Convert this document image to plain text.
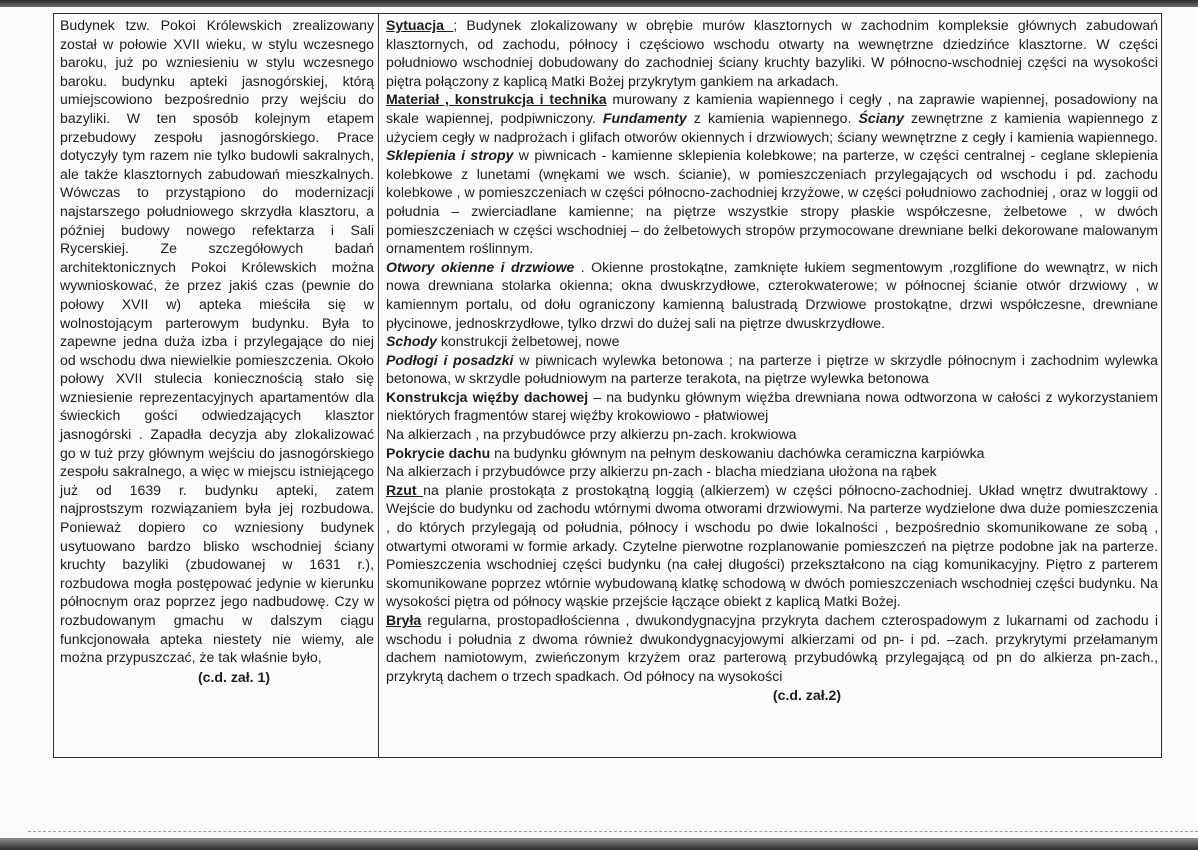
Budynek tzw. Pokoi Królewskich zrealizowany został w połowie XVII wieku, w stylu wczesnego baroku, już po wzniesieniu w stylu wczesnego baroku. budynku apteki jasnogórskiej, którą umiejscowiono bezpośrednio przy wejściu do bazyliki. W ten sposób kolejnym etapem przebudowy zespołu jasnogórskiego. Prace dotyczyły tym razem nie tylko budowli sakralnych, ale także klasztornych zabudowań mieszkalnych. Wówczas to przystąpiono do modernizacji najstarszego południowego skrzydła klasztoru, a później budowy nowego refektarza i Sali Rycerskiej. Ze szczegółowych badań architektonicznych Pokoi Królewskich można wywnioskować, że przez jakiś czas (pewnie do połowy XVII w) apteka mieściła się w wolnostojącym parterowym budynku. Była to zapewne jedna duża izba i przylegające do niej od wschodu dwa niewielkie pomieszczenia. Około połowy XVII stulecia koniecznością stało się wzniesienie reprezentacyjnych apartamentów dla świeckich gości odwiedzających klasztor jasnogórski . Zapadła decyzja aby zlokalizować go w tuż przy głównym wejściu do jasnogórskiego zespołu sakralnego, a więc w miejscu istniejącego już od 1639 r. budynku apteki, zatem najprostszym rozwiązaniem była jej rozbudowa. Ponieważ dopiero co wzniesiony budynek usytuowano bardzo blisko wschodniej ściany kruchty bazyliki (zbudowanej w 1631 r.), rozbudowa mogła postępować jedynie w kierunku północnym oraz poprzez jego nadbudowę. Czy w rozbudowanym gmachu w dalszym ciągu funkcjonowała apteka niestety nie wiemy, ale można przypuszczać, że tak właśnie było,

(c.d. zał. 1)

Sytuacja ; Budynek zlokalizowany w obrębie murów klasztornych w zachodnim kompleksie głównych zabudowań klasztornych, od zachodu, północy i częściowo wschodu otwarty na wewnętrzne dziedzińce klasztorne. W części południowo wschodniej dobudowany do zachodniej ściany kruchty bazyliki. W północno-wschodniej części na wysokości piętra połączony z kaplicą Matki Bożej przykrytym gankiem na arkadach.

Materiał , konstrukcja i technika murowany z kamienia wapiennego i cegły , na zaprawie wapiennej, posadowiony na skale wapiennej, podpiwniczony. Fundamenty z kamienia wapiennego. Ściany zewnętrzne z kamienia wapiennego z użyciem cegły w nadprożach i glifach otworów okiennych i drzwiowych; ściany wewnętrzne z cegły i kamienia wapiennego. Sklepienia i stropy w piwnicach - kamienne sklepienia kolebkowe; na parterze, w części centralnej - ceglane sklepienia kolebkowe z lunetami (wnękami we wsch. ścianie), w pomieszczeniach przylegających od wschodu i pd. zachodu kolebkowe , w pomieszczeniach w części północno-zachodniej krzyżowe, w części południowo zachodniej , oraz w loggii od południa – zwierciadlane kamienne; na piętrze wszystkie stropy płaskie współczesne, żelbetowe , w dwóch pomieszczeniach w części wschodniej – do żelbetowych stropów przymocowane drewniane belki dekorowane malowanym ornamentem roślinnym.

Otwory okienne i drzwiowe . Okienne prostokątne, zamknięte łukiem segmentowym ,rozglifione do wewnątrz, w nich nowa drewniana stolarka okienna; okna dwuskrzydłowe, czterokwaterowe; w północnej ścianie otwór drzwiowy , w kamiennym portalu, od dołu ograniczony kamienną balustradą Drzwiowe prostokątne, drzwi współczesne, drewniane płycinowe, jednoskrzydłowe, tylko drzwi do dużej sali na piętrze dwuskrzydłowe.

Schody konstrukcji żelbetowej, nowe

Podłogi i posadzki w piwnicach wylewka betonowa ; na parterze i piętrze w skrzydle północnym i zachodnim wylewka betonowa, w skrzydle południowym na parterze terakota, na piętrze wylewka betonowa

Konstrukcja więźby dachowej – na budynku głównym więźba drewniana nowa odtworzona w całości z wykorzystaniem niektórych fragmentów starej więźby krokowiowo - płatwiowej

Na alkierzach , na przybudówce przy alkierzu pn-zach. krokwiowa

Pokrycie dachu na budynku głównym na pełnym deskowaniu dachówka ceramiczna karpiówka

Na alkierzach i przybudówce przy alkierzu pn-zach - blacha miedziana ułożona na rąbek

Rzut na planie prostokąta z prostokątną loggią (alkierzem) w części północno-zachodniej. Układ wnętrz dwutraktowy . Wejście do budynku od zachodu wtórnymi dwoma otworami drzwiowymi. Na parterze wydzielone dwa duże pomieszczenia , do których przylegają od południa, północy i wschodu po dwie lokalności , bezpośrednio skomunikowane ze sobą , otwartymi otworami w formie arkady. Czytelne pierwotne rozplanowanie pomieszczeń na piętrze podobne jak na parterze. Pomieszczenia wschodniej części budynku (na całej długości) przekształcono na ciąg komunikacyjny. Piętro z parterem skomunikowane poprzez wtórnie wybudowaną klatkę schodową w dwóch pomieszczeniach wschodniej części budynku. Na wysokości piętra od północy wąskie przejście łączące obiekt z kaplicą Matki Bożej.

Bryła regularna, prostopadłościenna , dwukondygnacyjna przykryta dachem czterospadowym z lukarnami od zachodu i wschodu i południa z dwoma również dwukondygnacyjowymi alkierzami od pn- i pd. –zach. przykrytymi przełamanym dachem namiotowym, zwieńczonym krzyżem oraz parterową przybudówką przylegającą od pn do alkierza pn-zach., przykrytą dachem o trzech spadkach. Od północy na wysokości

(c.d. zał.2)
